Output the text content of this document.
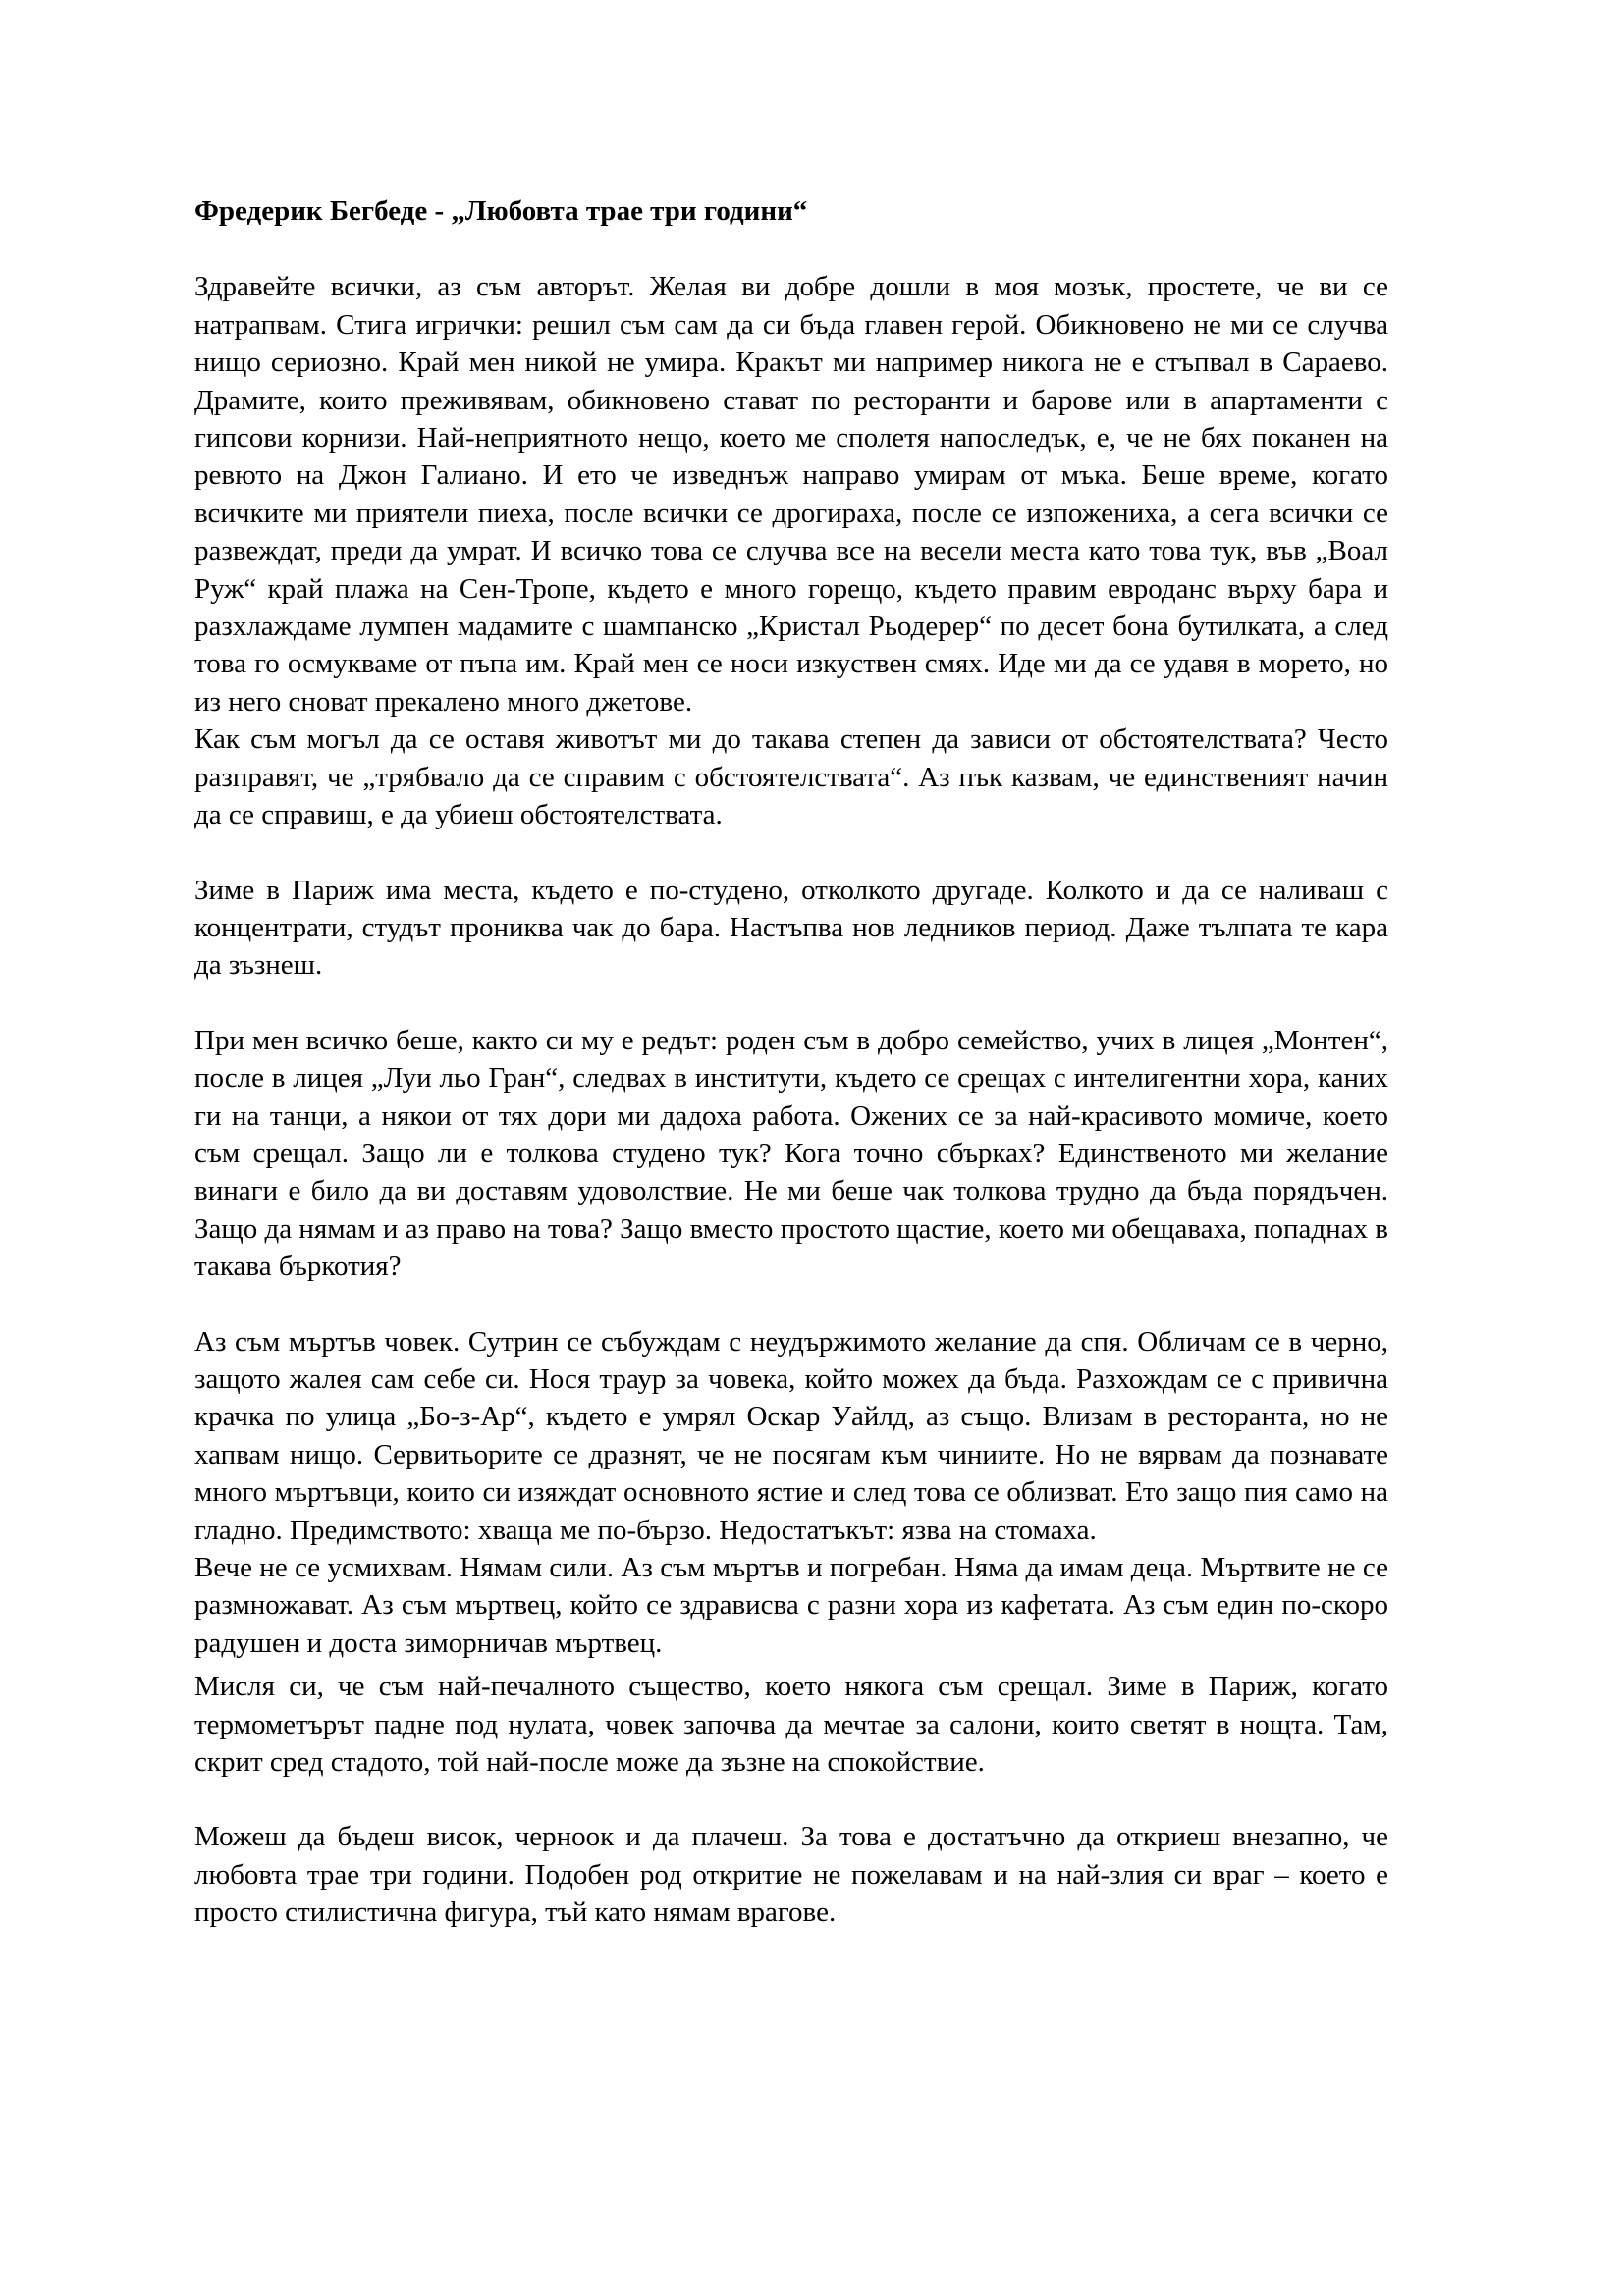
Фредерик Бегбеде - „Любовта трае три години“

Здравейте всички, аз съм авторът. Желая ви добре дошли в моя мозък, простете, че ви се натрапвам. Стига игрички: решил съм сам да си бъда главен герой. Обикновено не ми се случва нищо сериозно. Край мен никой не умира. Кракът ми например никога не е стъпвал в Сараево. Драмите, които преживявам, обикновено стават по ресторанти и барове или в апартаменти с гипсови корнизи. Най-неприятното нещо, което ме сполетя напоследък, е, че не бях поканен на ревюто на Джон Галиано. И ето че изведнъж направо умирам от мъка. Беше време, когато всичките ми приятели пиеха, после всички се дрогираха, после се изпожениха, а сега всички се развеждат, преди да умрат. И всичко това се случва все на весели места като това тук, във „Воал Руж“ край плажа на Сен-Тропе, където е много горещо, където правим евроданс върху бара и разхлаждаме лумпен мадамите с шампанско „Кристал Рьодерер“ по десет бона бутилката, а след това го осмукваме от пъпа им. Край мен се носи изкуствен смях. Иде ми да се удавя в морето, но из него сноват прекалено много джетове.

Как съм могъл да се оставя животът ми до такава степен да зависи от обстоятелствата? Често разправят, че „трябвало да се справим с обстоятелствата“. Аз пък казвам, че единственият начин да се справиш, е да убиеш обстоятелствата.

Зиме в Париж има места, където е по-студено, отколкото другаде. Колкото и да се наливаш с концентрати, студът прониква чак до бара. Настъпва нов ледников период. Даже тълпата те кара да зъзнеш.

При мен всичко беше, както си му е редът: роден съм в добро семейство, учих в лицея „Монтен“, после в лицея „Луи льо Гран“, следвах в институти, където се срещах с интелигентни хора, каних ги на танци, а някои от тях дори ми дадоха работа. Ожених се за най-красивото момиче, което съм срещал. Защо ли е толкова студено тук? Кога точно сбърках? Единственото ми желание винаги е било да ви доставям удоволствие. Не ми беше чак толкова трудно да бъда порядъчен. Защо да нямам и аз право на това? Защо вместо простото щастие, което ми обещаваха, попаднах в такава бъркотия?

Аз съм мъртъв човек. Сутрин се събуждам с неудържимото желание да спя. Обличам се в черно, защото жалея сам себе си. Нося траур за човека, който можех да бъда. Разхождам се с привична крачка по улица „Бо-з-Ар“, където е умрял Оскар Уайлд, аз също. Влизам в ресторанта, но не хапвам нищо. Сервитьорите се дразнят, че не посягам към чиниите. Но не вярвам да познавате много мъртъвци, които си изяждат основното ястие и след това се облизват. Ето защо пия само на гладно. Предимството: хваща ме по-бързо. Недостатъкът: язва на стомаха.

Вече не се усмихвам. Нямам сили. Аз съм мъртъв и погребан. Няма да имам деца. Мъртвите не се размножават. Аз съм мъртвец, който се здрависва с разни хора из кафетата. Аз съм един по-скоро радушен и доста зиморничав мъртвец.

Мисля си, че съм най-печалното същество, което някога съм срещал. Зиме в Париж, когато термометърът падне под нулата, човек започва да мечтае за салони, които светят в нощта. Там, скрит сред стадото, той най-после може да зъзне на спокойствие.

Можеш да бъдеш висок, черноок и да плачеш. За това е достатъчно да откриеш внезапно, че любовта трае три години. Подобен род откритие не пожелавам и на най-злия си враг – което е просто стилистична фигура, тъй като нямам врагове.
